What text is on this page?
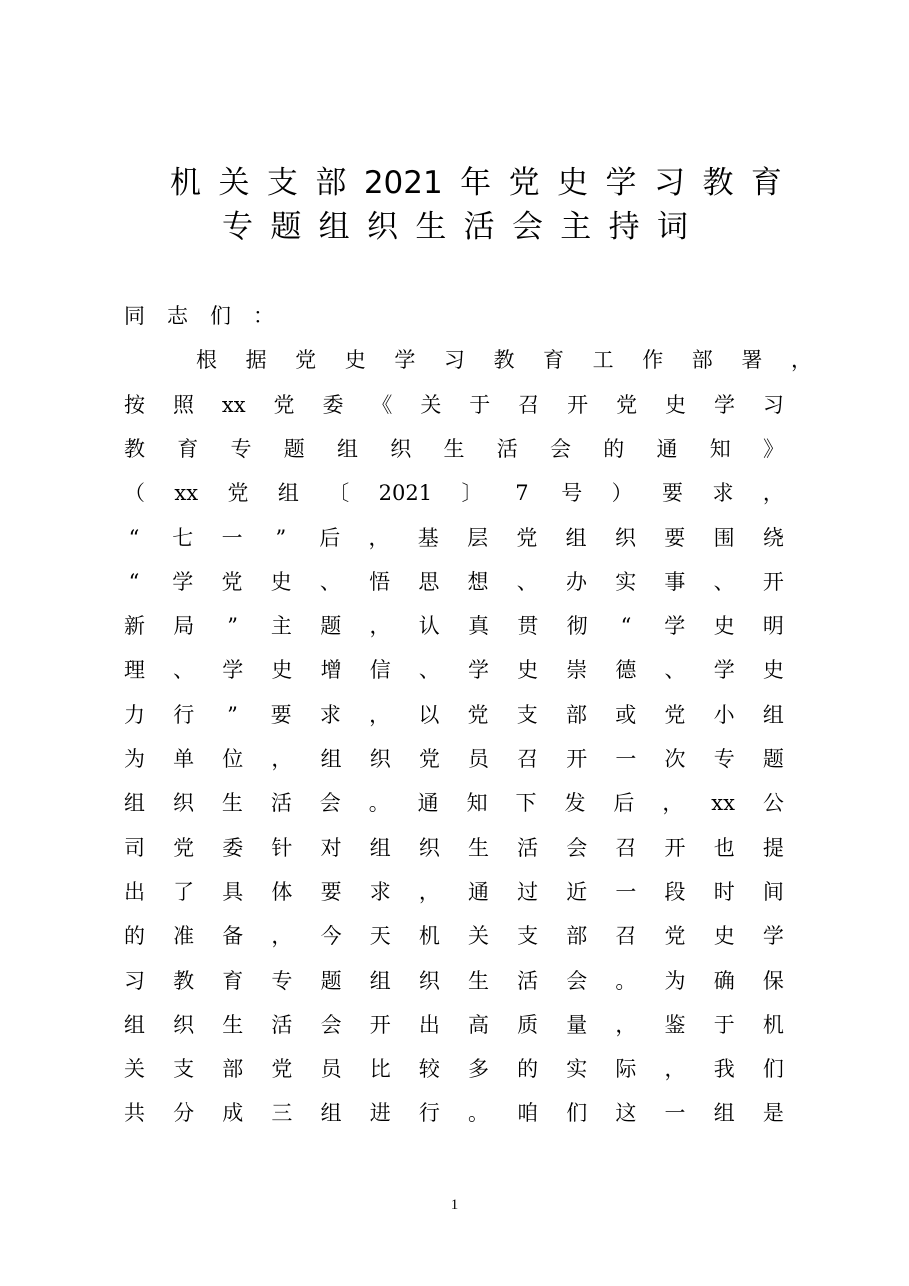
机 关 支 部 2021 年 党 史 学 习 教 育
专 题 组 织 生 活 会 主 持 词
同 志 们 ：
根 据 党 史 学 习 教 育 工 作 部 署 ，
按 照 xx 党 委 《 关 于 召 开 党 史 学 习
教 育 专 题 组 织 生 活 会 的 通 知 》
（ xx 党 组 〔 2021 〕 7 号 ） 要 求 ，
“ 七 一 ” 后 ， 基 层 党 组 织 要 围 绕
“ 学 党 史 、 悟 思 想 、 办 实 事 、 开
新 局 ” 主 题 ， 认 真 贯 彻 “ 学 史 明
理 、 学 史 增 信 、 学 史 崇 德 、 学 史
力 行 ” 要 求 ， 以 党 支 部 或 党 小 组
为 单 位 ， 组 织 党 员 召 开 一 次 专 题
组 织 生 活 会 。 通 知 下 发 后 ， xx 公
司 党 委 针 对 组 织 生 活 会 召 开 也 提
出 了 具 体 要 求 ， 通 过 近 一 段 时 间
的 准 备 ， 今 天 机 关 支 部 召 党 史 学
习 教 育 专 题 组 织 生 活 会 。 为 确 保
组 织 生 活 会 开 出 高 质 量 ， 鉴 于 机
关 支 部 党 员 比 较 多 的 实 际 ， 我 们
共 分 成 三 组 进 行 。 咱 们 这 一 组 是
1
